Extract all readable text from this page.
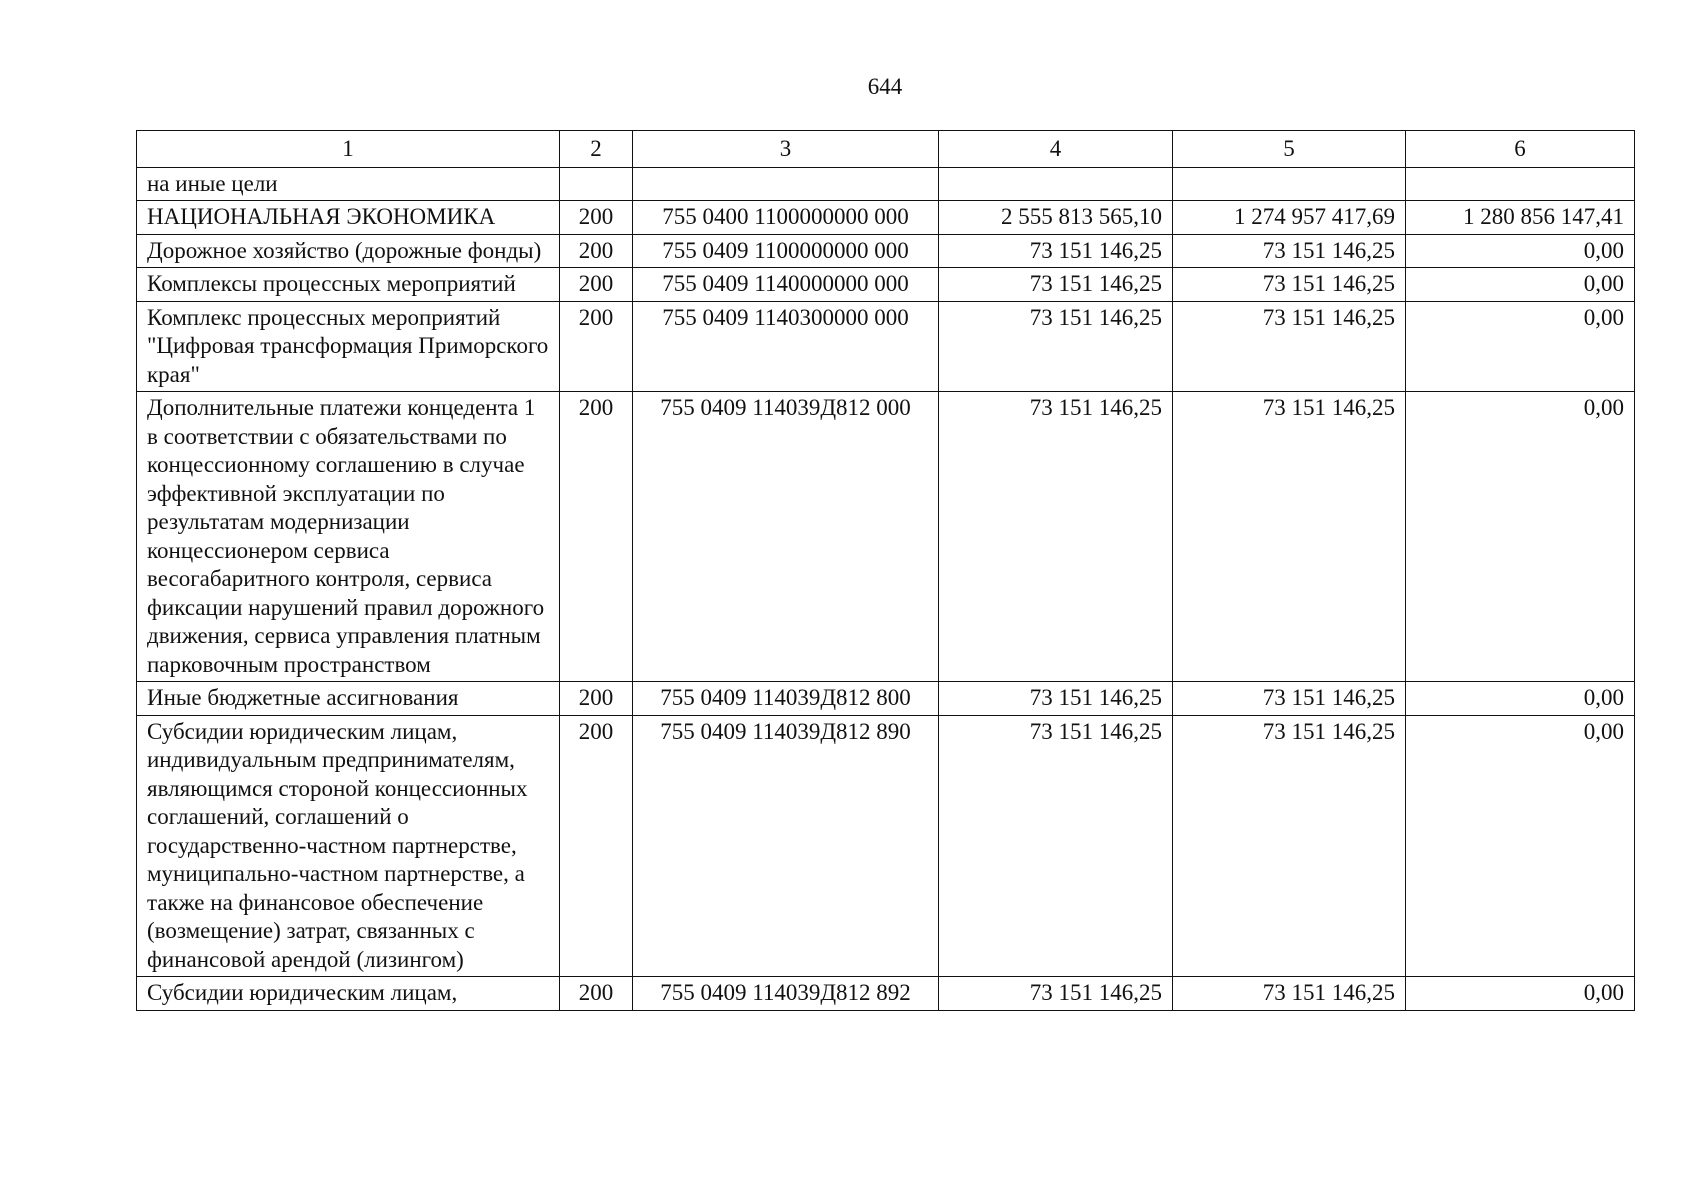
644
1	2	3	4	5	6
на иные цели					
НАЦИОНАЛЬНАЯ ЭКОНОМИКА	200	755 0400 1100000000 000	2 555 813 565,10	1 274 957 417,69	1 280 856 147,41
Дорожное хозяйство (дорожные фонды)	200	755 0409 1100000000 000	73 151 146,25	73 151 146,25	0,00
Комплексы процессных мероприятий	200	755 0409 1140000000 000	73 151 146,25	73 151 146,25	0,00
Комплекс процессных мероприятий "Цифровая трансформация Приморского края"	200	755 0409 1140300000 000	73 151 146,25	73 151 146,25	0,00
Дополнительные платежи концедента 1 в соответствии с обязательствами по концессионному соглашению в случае эффективной эксплуатации по результатам модернизации концессионером сервиса весогабаритного контроля, сервиса фиксации нарушений правил дорожного движения, сервиса управления платным парковочным пространством	200	755 0409 114039Д812 000	73 151 146,25	73 151 146,25	0,00
Иные бюджетные ассигнования	200	755 0409 114039Д812 800	73 151 146,25	73 151 146,25	0,00
Субсидии юридическим лицам, индивидуальным предпринимателям, являющимся стороной концессионных соглашений, соглашений о государственно-частном партнерстве, муниципально-частном партнерстве, а также на финансовое обеспечение (возмещение) затрат, связанных с финансовой арендой (лизингом)	200	755 0409 114039Д812 890	73 151 146,25	73 151 146,25	0,00
Субсидии юридическим лицам,	200	755 0409 114039Д812 892	73 151 146,25	73 151 146,25	0,00
